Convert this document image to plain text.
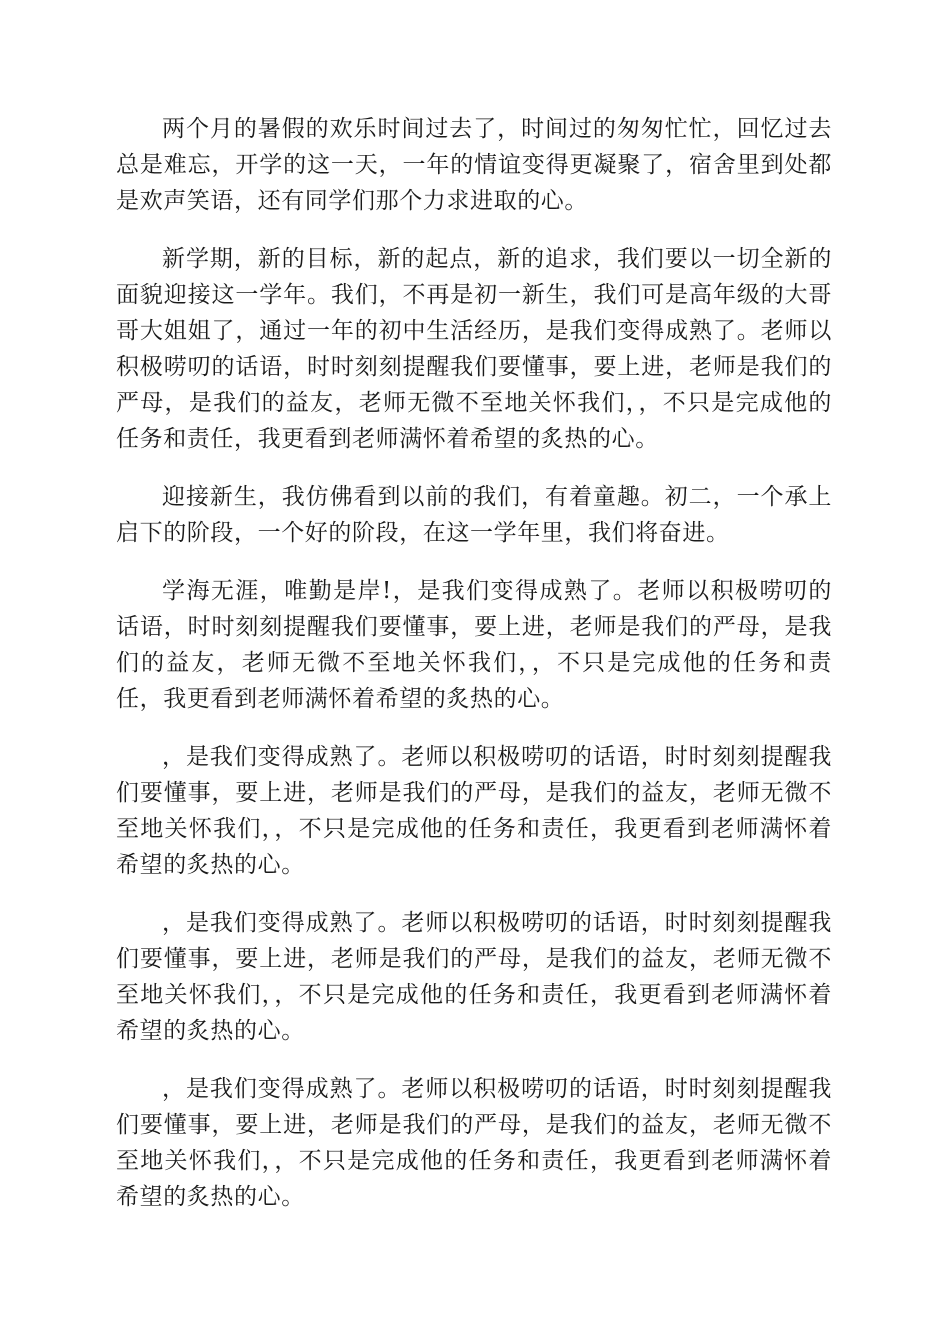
两个月的暑假的欢乐时间过去了，时间过的匆匆忙忙，回忆过去总是难忘，开学的这一天，一年的情谊变得更凝聚了，宿舍里到处都是欢声笑语，还有同学们那个力求进取的心。

新学期，新的目标，新的起点，新的追求，我们要以一切全新的面貌迎接这一学年。我们，不再是初一新生，我们可是高年级的大哥哥大姐姐了，通过一年的初中生活经历，是我们变得成熟了。老师以积极唠叨的话语，时时刻刻提醒我们要懂事，要上进，老师是我们的严母，是我们的益友，老师无微不至地关怀我们，，不只是完成他的任务和责任，我更看到老师满怀着希望的炙热的心。

迎接新生，我仿佛看到以前的我们，有着童趣。初二，一个承上启下的阶段，一个好的阶段，在这一学年里，我们将奋进。

学海无涯，唯勤是岸!，是我们变得成熟了。老师以积极唠叨的话语，时时刻刻提醒我们要懂事，要上进，老师是我们的严母，是我们的益友，老师无微不至地关怀我们，，不只是完成他的任务和责任，我更看到老师满怀着希望的炙热的心。

，是我们变得成熟了。老师以积极唠叨的话语，时时刻刻提醒我们要懂事，要上进，老师是我们的严母，是我们的益友，老师无微不至地关怀我们，，不只是完成他的任务和责任，我更看到老师满怀着希望的炙热的心。

，是我们变得成熟了。老师以积极唠叨的话语，时时刻刻提醒我们要懂事，要上进，老师是我们的严母，是我们的益友，老师无微不至地关怀我们，，不只是完成他的任务和责任，我更看到老师满怀着希望的炙热的心。

，是我们变得成熟了。老师以积极唠叨的话语，时时刻刻提醒我们要懂事，要上进，老师是我们的严母，是我们的益友，老师无微不至地关怀我们，，不只是完成他的任务和责任，我更看到老师满怀着希望的炙热的心。
